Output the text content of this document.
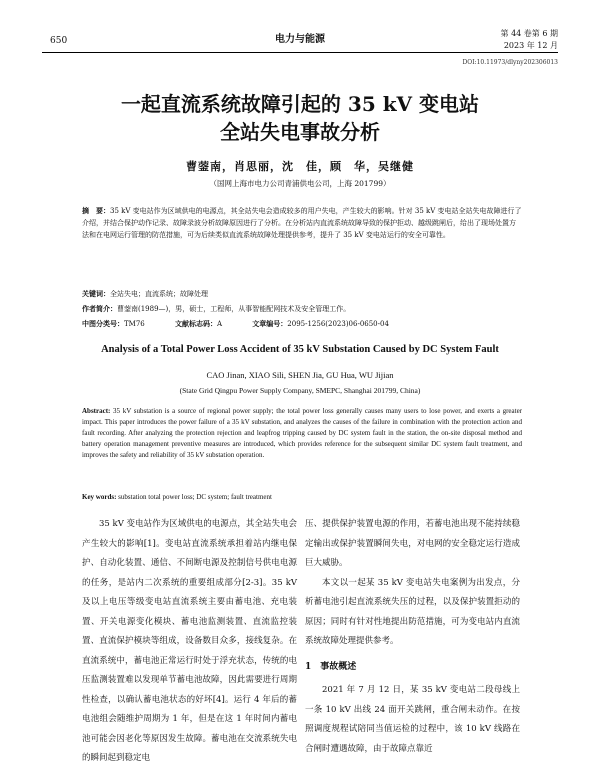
650	电力与能源
第 44 卷第 6 期
2023 年 12 月
DOI:10.11973/dlyny202306013
一起直流系统故障引起的 35 kV 变电站
全站失电事故分析
曹蓥南，肖思丽，沈　佳，顾　华，吴继健
（国网上海市电力公司青浦供电公司，上海 201799）
摘　要：35 kV 变电站作为区域供电的电源点，其全站失电会造成较多的用户失电，产生较大的影响。针对 35 kV 变电站全站失电故障进行了介绍，并结合保护动作记录、故障录波分析故障原因进行了分析。在分析站内直流系统故障导致的保护拒动、越级跳闸后，给出了现场处置方法和在电网运行管理的防范措施，可为后续类似直流系统故障处理提供参考，提升了 35 kV 变电站运行的安全可靠性。
关键词：全站失电；直流系统；故障处理
作者简介：曹蓥南(1989—)，男，硕士，工程师，从事智能配网技术及安全管理工作。
中图分类号：TM76	文献标志码：A	文章编号：2095-1256(2023)06-0650-04
Analysis of a Total Power Loss Accident of 35 kV Substation Caused by DC System Fault
CAO Jinan, XIAO Sili, SHEN Jia, GU Hua, WU Jijian
(State Grid Qingpu Power Supply Company, SMEPC, Shanghai 201799, China)
Abstract: 35 kV substation is a source of regional power supply; the total power loss generally causes many users to lose power, and exerts a greater impact. This paper introduces the power failure of a 35 kV substation, and analyzes the causes of the failure in combination with the protection action and fault recording. After analyzing the protection rejection and leapfrog tripping caused by DC system fault in the station, the on-site disposal method and battery operation management preventive measures are introduced, which provides reference for the subsequent similar DC system fault treatment, and improves the safety and reliability of 35 kV substation operation.
Key words: substation total power loss; DC system; fault treatment

35 kV 变电站作为区域供电的电源点，其全站失电会产生较大的影响[1]。变电站直流系统承担着站内继电保护、自动化装置、通信、不间断电源及控制信号供电电源的任务，是站内二次系统的重要组成部分[2-3]。35 kV 及以上电压等级变电站直流系统主要由蓄电池、充电装置、开关电源变化模块、蓄电池监测装置、直流监控装置、直流保护模块等组成，设备数目众多，接线复杂。在直流系统中，蓄电池正常运行时处于浮充状态，传统的电压监测装置难以发现单节蓄电池故障，因此需要进行周期性检查，以确认蓄电池状态的好坏[4]。运行 4 年后的蓄电池组会随维护周期为 1 年，但是在这 1 年时间内蓄电池可能会因老化等原因发生故障。蓄电池在交流系统失电的瞬间起到稳定电

压、提供保护装置电源的作用，若蓄电池出现不能持续稳定输出或保护装置瞬间失电，对电网的安全稳定运行造成巨大威胁。

本文以一起某 35 kV 变电站失电案例为出发点，分析蓄电池引起直流系统失压的过程，以及保护装置拒动的原因；同时有针对性地提出防范措施，可为变电站内直流系统故障处理提供参考。

1　事故概述

2021 年 7 月 12 日，某 35 kV 变电站二段母线上一条 10 kV 出线 24 面开关跳闸，重合闸未动作。在按照调度规程试陪同当值运检的过程中，该 10 kV 线路在合闸时遭遇故障，由于故障点靠近
